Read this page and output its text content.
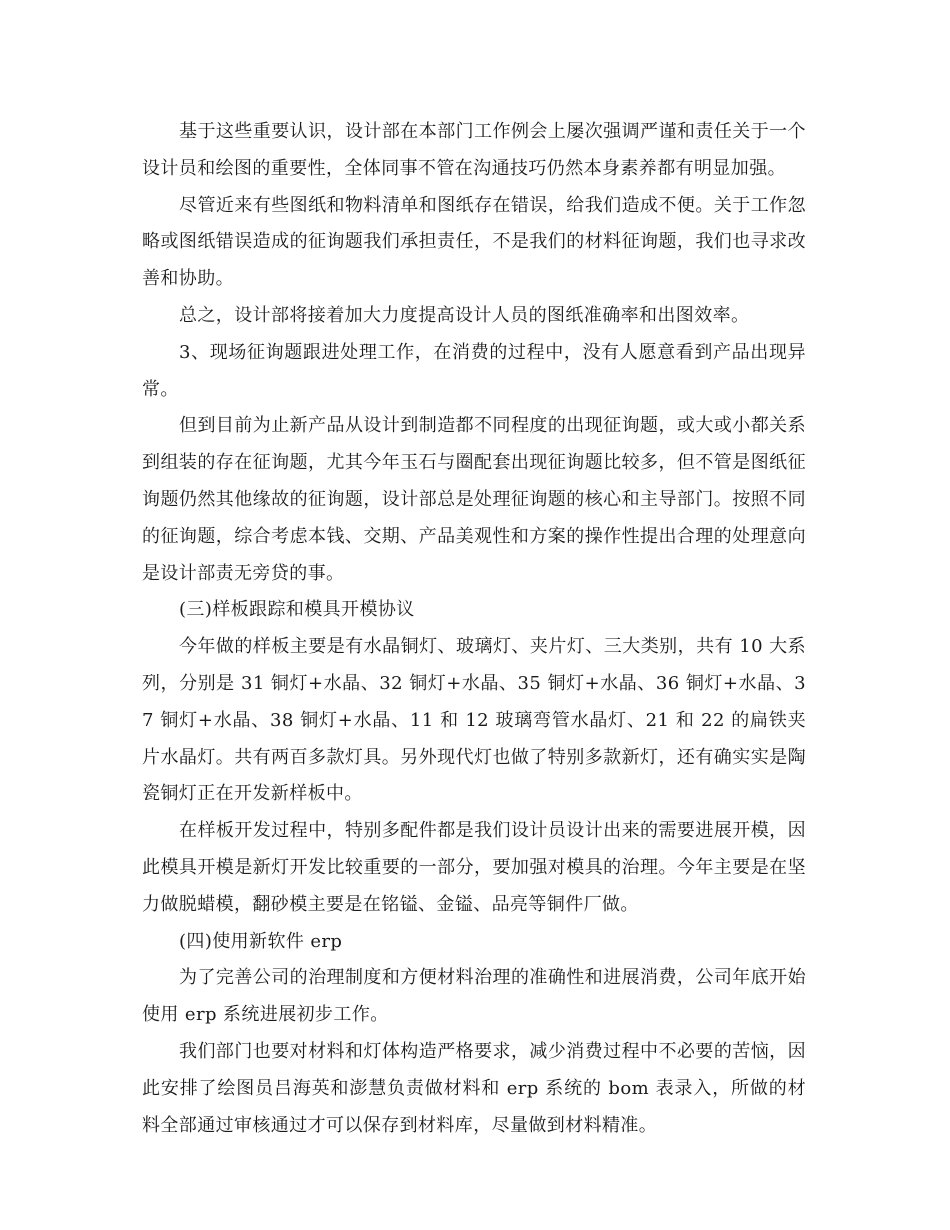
基于这些重要认识，设计部在本部门工作例会上屡次强调严谨和责任关于一个设计员和绘图的重要性，全体同事不管在沟通技巧仍然本身素养都有明显加强。

尽管近来有些图纸和物料清单和图纸存在错误，给我们造成不便。关于工作忽略或图纸错误造成的征询题我们承担责任，不是我们的材料征询题，我们也寻求改善和协助。

总之，设计部将接着加大力度提高设计人员的图纸准确率和出图效率。

3、现场征询题跟进处理工作，在消费的过程中，没有人愿意看到产品出现异常。

但到目前为止新产品从设计到制造都不同程度的出现征询题，或大或小都关系到组装的存在征询题，尤其今年玉石与圈配套出现征询题比较多，但不管是图纸征询题仍然其他缘故的征询题，设计部总是处理征询题的核心和主导部门。按照不同的征询题，综合考虑本钱、交期、产品美观性和方案的操作性提出合理的处理意向是设计部责无旁贷的事。

(三)样板跟踪和模具开模协议

今年做的样板主要是有水晶铜灯、玻璃灯、夹片灯、三大类别，共有 10 大系列，分别是 31 铜灯+水晶、32 铜灯+水晶、35 铜灯+水晶、36 铜灯+水晶、37 铜灯+水晶、38 铜灯+水晶、11 和 12 玻璃弯管水晶灯、21 和 22 的扁铁夹片水晶灯。共有两百多款灯具。另外现代灯也做了特别多款新灯，还有确实实是陶瓷铜灯正在开发新样板中。

在样板开发过程中，特别多配件都是我们设计员设计出来的需要进展开模，因此模具开模是新灯开发比较重要的一部分，要加强对模具的治理。今年主要是在坚力做脱蜡模，翻砂模主要是在铭镒、金镒、品亮等铜件厂做。

(四)使用新软件 erp

为了完善公司的治理制度和方便材料治理的准确性和进展消费，公司年底开始使用 erp 系统进展初步工作。

我们部门也要对材料和灯体构造严格要求，减少消费过程中不必要的苦恼，因此安排了绘图员吕海英和澎慧负责做材料和 erp 系统的 bom 表录入，所做的材料全部通过审核通过才可以保存到材料库，尽量做到材料精准。
